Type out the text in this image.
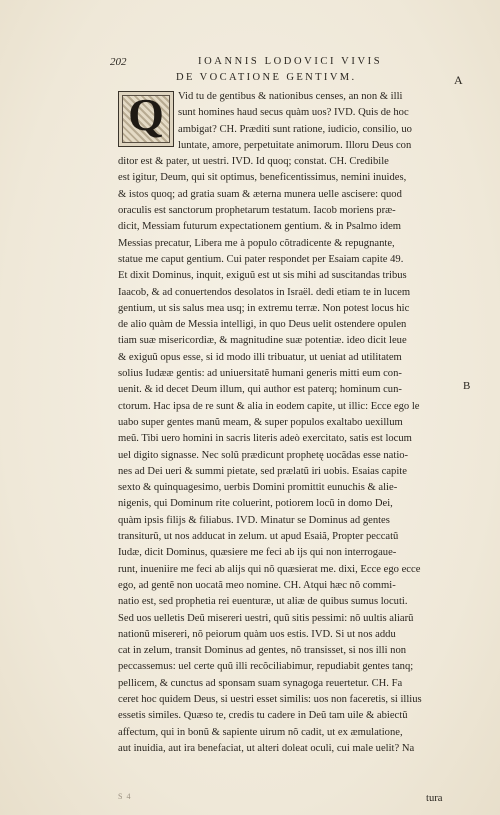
202	IOANNIS LODOVICI VIVIS
DE VOCATIONE GENTIVM.	A
B
Q	Vid tu de gentibus & nationibus censes, an non & illi
sunt homines haud secus quàm uos? IVD. Quis de hoc
ambigat? CH. Præditi sunt ratione, iudicio, consilio, uo
luntate, amore, perpetuitate animorum. Illoru Deus con
ditor est & pater, ut uestri. IVD. Id quoq; constat. CH. Credibile
est igitur, Deum, qui sit optimus, beneficentissimus, nemini inuides,
& istos quoq; ad gratia suam & æterna munera uelle ascisere: quod
oraculis est sanctorum prophetarum testatum. Iacob moriens præ-
dicit, Messiam futurum expectationem gentium. & in Psalmo idem
Messias precatur, Libera me à populo cõtradicente & repugnante,
statue me caput gentium. Cui pater respondet per Esaiam capite 49.
Et dixit Dominus, inquit, exiguũ est ut sis mihi ad suscitandas tribus
Iaacob, & ad conuertendos desolatos in Israël. dedi etiam te in lucem
gentium, ut sis salus mea usq; in extremu terræ. Non potest locus hic
de alio quàm de Messia intelligi, in quo Deus uelit ostendere opulen
tiam suæ misericordiæ, & magnitudine suæ potentiæ. ideo dicit leue
& exiguũ opus esse, si id modo illi tribuatur, ut ueniat ad utilitatem
solius Iudææ gentis: ad uniuersitatẽ humani generis mitti eum con-
uenit. & id decet Deum illum, qui author est paterq; hominum cun-
ctorum. Hac ipsa de re sunt & alia in eodem capite, ut illic: Ecce ego le
uabo super gentes manũ meam, & super populos exaltabo uexillum
meũ. Tibi uero homini in sacris literis adeò exercitato, satis est locum
uel digito signasse. Nec solũ prædicunt prophetę uocãdas esse natio-
nes ad Dei ueri & summi pietate, sed prælatũ iri uobis. Esaias capite
sexto & quinquagesimo, uerbis Domini promittit eunuchis & alie-
nigenis, qui Dominum rite coluerint, potiorem locũ in domo Dei,
quàm ipsis filijs & filiabus. IVD. Minatur se Dominus ad gentes
transiturũ, ut nos adducat in zelum. ut apud Esaiã, Propter peccatũ
Iudæ, dicit Dominus, quæsiere me feci ab ijs qui non interrogaue-
runt, inueniire me feci ab alijs qui nõ quæsierat me. dixi, Ecce ego ecce
ego, ad gentẽ non uocatã meo nomine. CH. Atqui hæc nõ commi-
natio est, sed prophetia rei euenturæ, ut aliæ de quibus sumus locuti.
Sed uos uelletis Deũ misereri uestri, quũ sitis pessimi: nõ uultis aliarũ
nationũ misereri, nõ peiorum quàm uos estis. IVD. Si ut nos addu
cat in zelum, transit Dominus ad gentes, nõ transisset, si nos illi non
peccassemus: uel certe quũ illi recõciliabimur, repudiabit gentes tanq;
pellicem, & cunctus ad sponsam suam synagoga reuertetur. CH. Fa
ceret hoc quidem Deus, si uestri esset similis: uos non faceretis, si illius
essetis similes. Quæso te, credis tu cadere in Deũ tam uile & abiectũ
affectum, qui in bonũ & sapiente uirum nõ cadit, ut ex æmulatione,
aut inuidia, aut ira benefaciat, ut alteri doleat oculi, cui male uelit? Na
S 4	tura
